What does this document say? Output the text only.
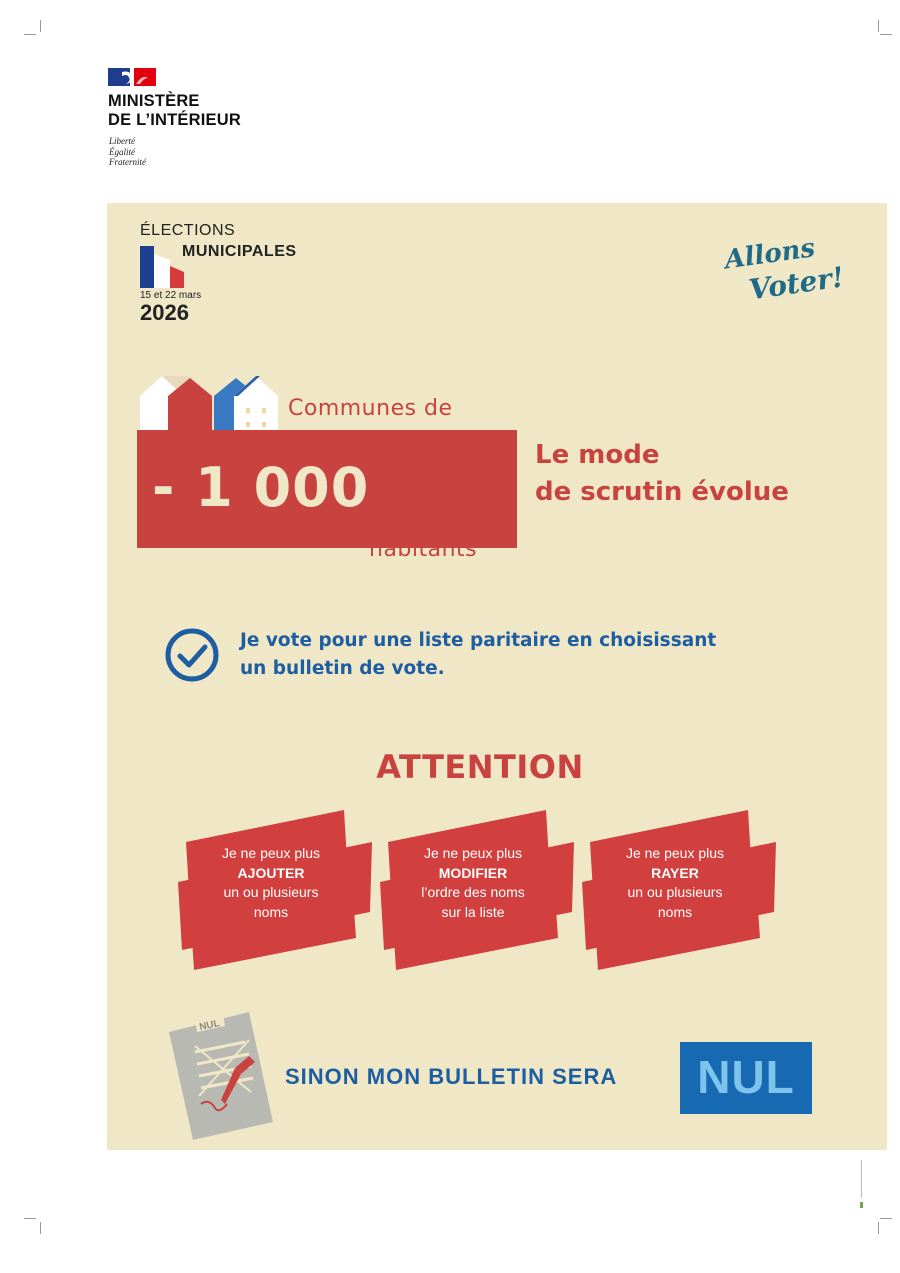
MINISTÈRE
DE L’INTÉRIEUR
Liberté
Égalité
Fraternité
ÉLECTIONS
MUNICIPALES
15 et 22 mars
2026
Allons
Voter!
Communes de
- 1 000
habitants
Le mode
de scrutin évolue
Je vote pour une liste paritaire en choisissant
un bulletin de vote.
ATTENTION
Je ne peux plus
AJOUTER
un ou plusieurs
noms
Je ne peux plus
MODIFIER
l’ordre des noms
sur la liste
Je ne peux plus
RAYER
un ou plusieurs
noms
NUL
SINON MON BULLETIN SERA	NUL
